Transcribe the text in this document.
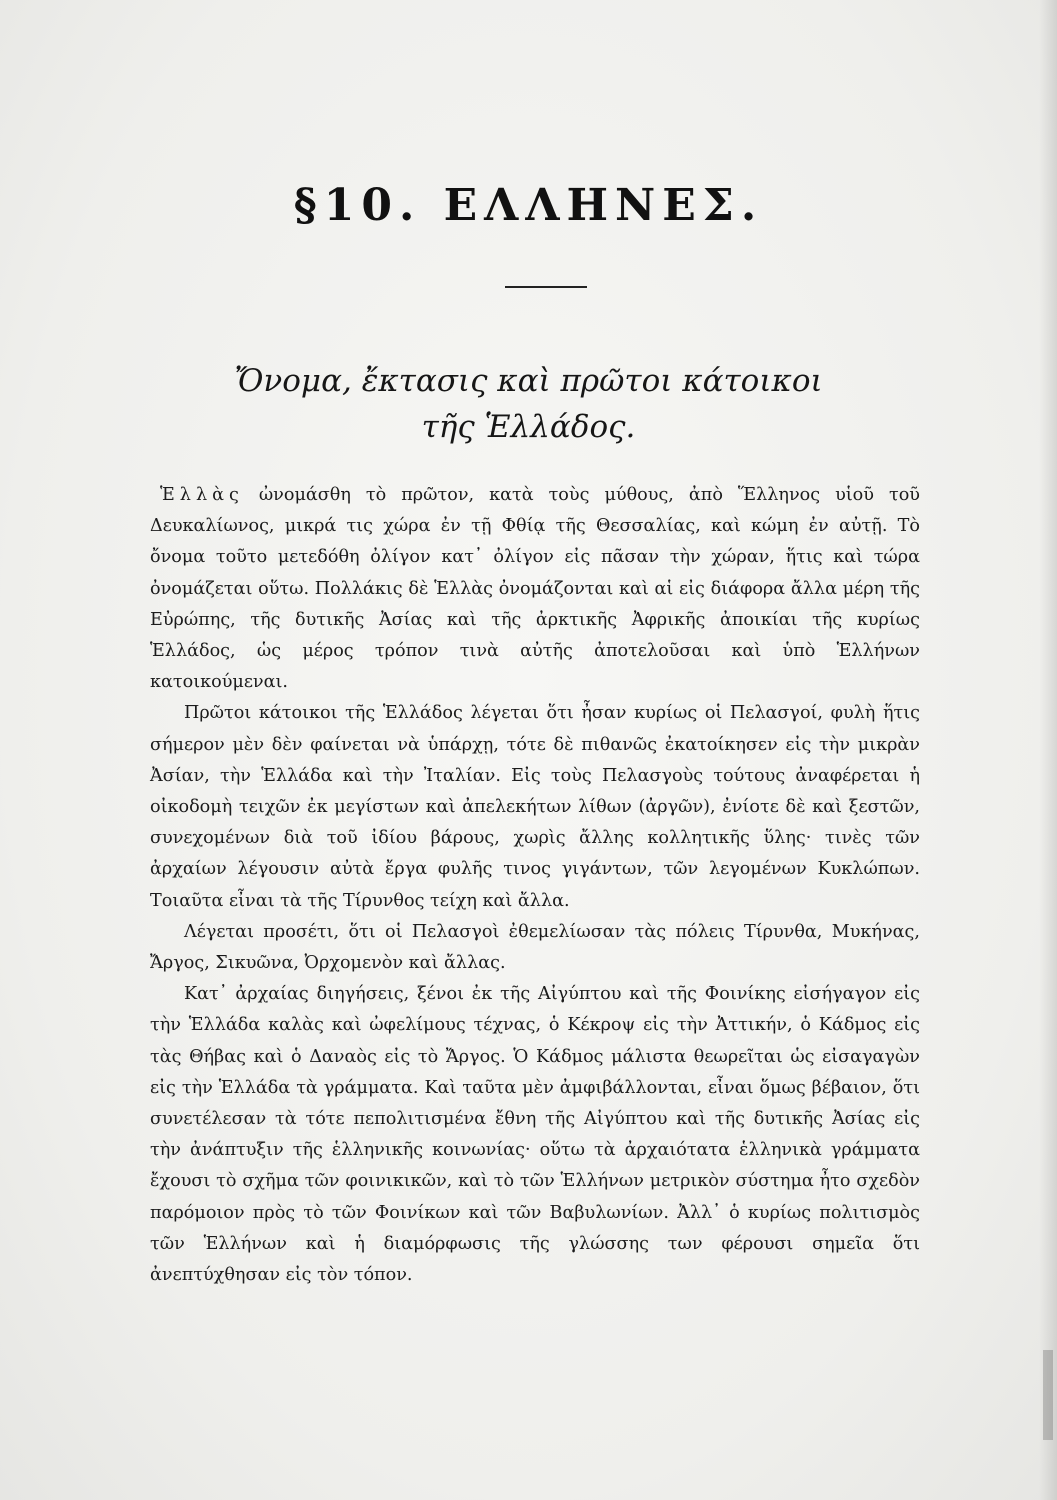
§10. ΕΛΛΗΝΕΣ.
Ὄνομα, ἔκτασις καὶ πρῶτοι κάτοικοι
τῆς Ἑλλάδος.

Ἑλλὰς ὠνομάσθη τὸ πρῶτον, κατὰ τοὺς μύθους, ἀπὸ Ἕλληνος υἱοῦ τοῦ Δευκαλίωνος, μικρά τις χώρα ἐν τῇ Φθίᾳ τῆς Θεσσαλίας, καὶ κώμη ἐν αὐτῇ. Τὸ ὄνομα τοῦτο μετεδόθη ὀλίγον κατ᾽ ὀλίγον εἰς πᾶσαν τὴν χώραν, ἥτις καὶ τώρα ὀνομάζεται οὕτω. Πολλάκις δὲ Ἑλλὰς ὀνομάζονται καὶ αἱ εἰς διάφορα ἄλλα μέρη τῆς Εὐρώπης, τῆς δυτικῆς Ἀσίας καὶ τῆς ἀρκτικῆς Ἀφρικῆς ἀποικίαι τῆς κυρίως Ἑλλάδος, ὡς μέρος τρόπον τινὰ αὐτῆς ἀποτελοῦσαι καὶ ὑπὸ Ἑλλήνων κατοικούμεναι.

Πρῶτοι κάτοικοι τῆς Ἑλλάδος λέγεται ὅτι ἦσαν κυρίως οἱ Πελασγοί, φυλὴ ἥτις σήμερον μὲν δὲν φαίνεται νὰ ὑπάρχῃ, τότε δὲ πιθανῶς ἐκατοίκησεν εἰς τὴν μικρὰν Ἀσίαν, τὴν Ἑλλάδα καὶ τὴν Ἰταλίαν. Εἰς τοὺς Πελασγοὺς τούτους ἀναφέρεται ἡ οἰκοδομὴ τειχῶν ἐκ μεγίστων καὶ ἀπελεκήτων λίθων (ἀργῶν), ἐνίοτε δὲ καὶ ξεστῶν, συνεχομένων διὰ τοῦ ἰδίου βάρους, χωρὶς ἄλλης κολλητικῆς ὕλης· τινὲς τῶν ἀρχαίων λέγουσιν αὐτὰ ἔργα φυλῆς τινος γιγάντων, τῶν λεγομένων Κυκλώπων. Τοιαῦτα εἶναι τὰ τῆς Τίρυνθος τείχη καὶ ἄλλα.

Λέγεται προσέτι, ὅτι οἱ Πελασγοὶ ἐθεμελίωσαν τὰς πόλεις Τίρυνθα, Μυκήνας, Ἄργος, Σικυῶνα, Ὀρχομενὸν καὶ ἄλλας.

Κατ᾽ ἀρχαίας διηγήσεις, ξένοι ἐκ τῆς Αἰγύπτου καὶ τῆς Φοινίκης εἰσήγαγον εἰς τὴν Ἑλλάδα καλὰς καὶ ὠφελίμους τέχνας, ὁ Κέκροψ εἰς τὴν Ἀττικήν, ὁ Κάδμος εἰς τὰς Θήβας καὶ ὁ Δαναὸς εἰς τὸ Ἄργος. Ὁ Κάδμος μάλιστα θεωρεῖται ὡς εἰσαγαγὼν εἰς τὴν Ἑλλάδα τὰ γράμματα. Καὶ ταῦτα μὲν ἀμφιβάλλονται, εἶναι ὅμως βέβαιον, ὅτι συνετέλεσαν τὰ τότε πεπολιτισμένα ἔθνη τῆς Αἰγύπτου καὶ τῆς δυτικῆς Ἀσίας εἰς τὴν ἀνάπτυξιν τῆς ἑλληνικῆς κοινωνίας· οὕτω τὰ ἀρχαιότατα ἑλληνικὰ γράμματα ἔχουσι τὸ σχῆμα τῶν φοινικικῶν, καὶ τὸ τῶν Ἑλλήνων μετρικὸν σύστημα ἦτο σχεδὸν παρόμοιον πρὸς τὸ τῶν Φοινίκων καὶ τῶν Βαβυλωνίων. Ἀλλ᾽ ὁ κυρίως πολιτισμὸς τῶν Ἑλλήνων καὶ ἡ διαμόρφωσις τῆς γλώσσης των φέρουσι σημεῖα ὅτι ἀνεπτύχθησαν εἰς τὸν τόπον.
